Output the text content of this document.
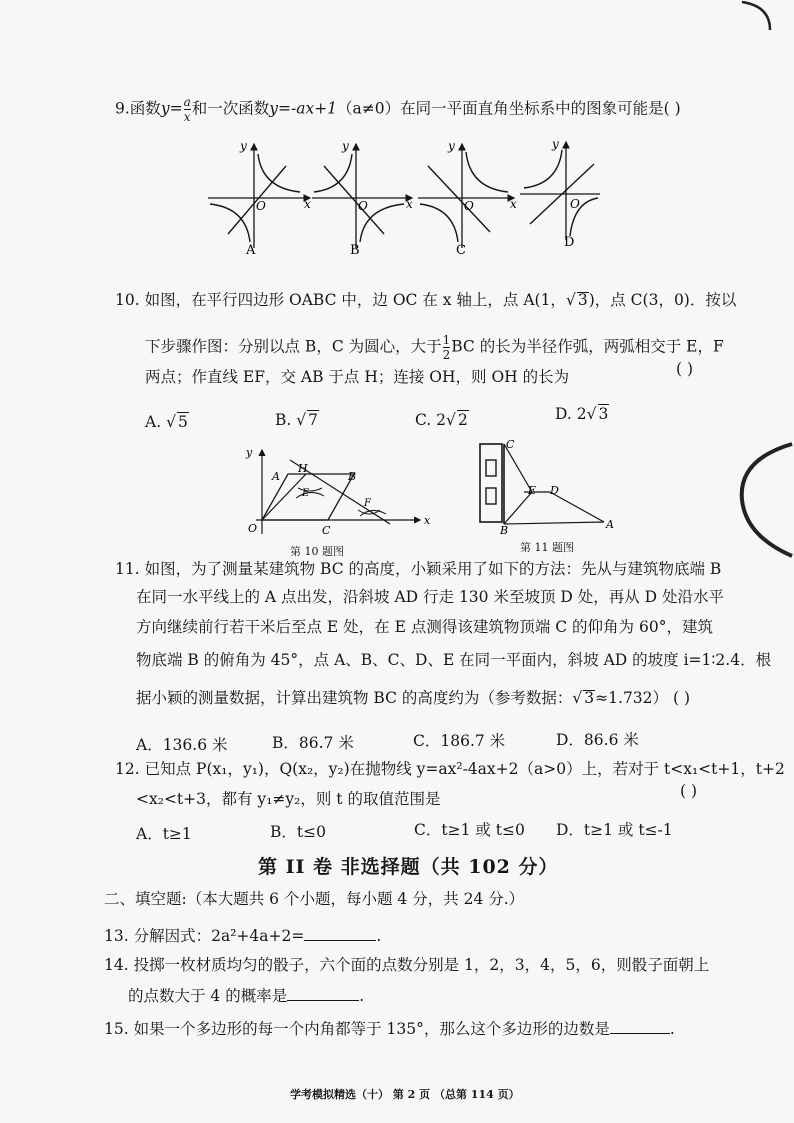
9.函数$y= \frac{a}{x}$ 和一次函数y=-ax+1（a≠0）在同一平面直角坐标系中的图象可能是( )
y
x
O
A
y
x
O
B
y
x
O
C
y
O
D
10. 如图，在平行四边形 OABC 中，边 OC 在 x 轴上，点 A(1，√ 3)，点 C(3，0)．按以
下步骤作图：分别以点 B，C 为圆心，大于 $\frac{1}{2}$ BC 的长为半径作弧，两弧相交于 E，F
两点；作直线 EF，交 AB 于点 H；连接 OH，则 OH 的长为	( )
A. √ 5	B. √ 7	C. 2√ 2	D. 2√ 3
y
x
O
A
H
E
B
C
F
第 10 题图
C
E D
B	A
第 11 题图
11. 如图，为了测量某建筑物 BC 的高度，小颖采用了如下的方法：先从与建筑物底端 B
在同一水平线上的 A 点出发，沿斜坡 AD 行走 130 米至坡顶 D 处，再从 D 处沿水平
方向继续前行若干米后至点 E 处，在 E 点测得该建筑物顶端 C 的仰角为 60°，建筑
物底端 B 的俯角为 45°，点 A、B、C、D、E 在同一平面内，斜坡 AD 的坡度 i=1∶2.4．根
据小颖的测量数据，计算出建筑物 BC 的高度约为（参考数据：√ 3≈1.732） ( )
A．136.6 米	B．86.7 米	C．186.7 米	D．86.6 米
12. 已知点 P(x₁，y₁)，Q(x₂，y₂)在抛物线 y=ax²-4ax+2（a>0）上，若对于 t<x₁<t+1，t+2
<x₂<t+3，都有 y₁≠y₂，则 t 的取值范围是	( )
A．t≥1	B．t≤0	C．t≥1 或 t≤0 D．t≥1 或 t≤-1
第 II 卷 非选择题（共 102 分）
二、填空题:（本大题共 6 个小题，每小题 4 分，共 24 分.）
13. 分解因式：2a²+4a+2=	.
14. 投掷一枚材质均匀的骰子，六个面的点数分别是 1，2，3，4，5，6，则骰子面朝上
的点数大于 4 的概率是	.
15. 如果一个多边形的每一个内角都等于 135°，那么这个多边形的边数是	.
学考模拟精选（十） 第 2 页 （总第 114 页）
